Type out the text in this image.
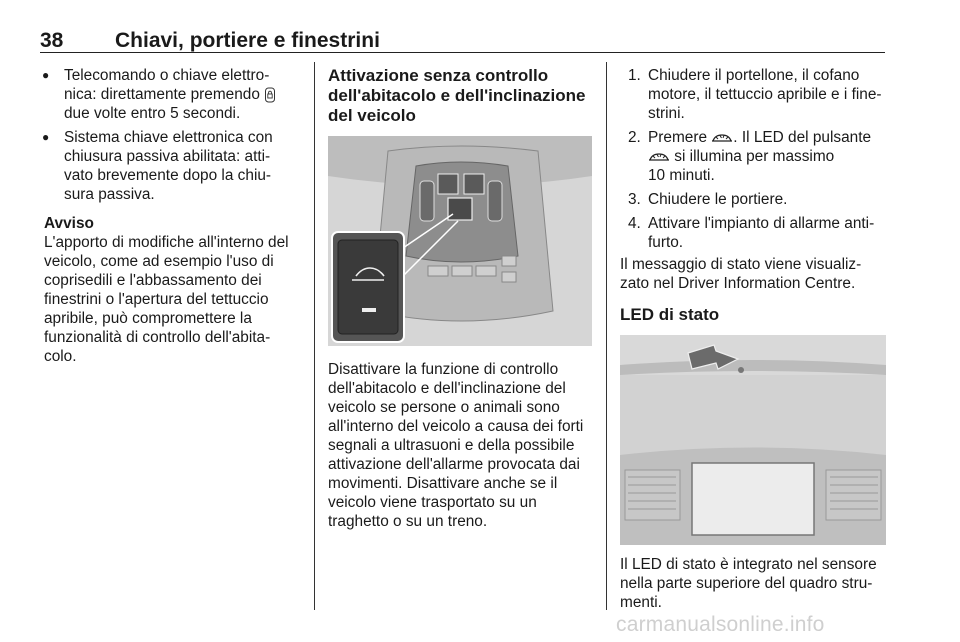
38 Chiavi, portiere e finestrini
● Telecomando o chiave elettro-
nica: direttamente premendo
due volte entro 5 secondi.
● Sistema chiave elettronica con
chiusura passiva abilitata: atti-
vato brevemente dopo la chiu-
sura passiva.
Avviso
L'apporto di modifiche all'interno del
veicolo, come ad esempio l'uso di
coprisedili e l'abbassamento dei
finestrini o l'apertura del tettuccio
apribile, può compromettere la
funzionalità di controllo dell'abita-
colo.
Attivazione senza controllo
dell'abitacolo e dell'inclinazione
del veicolo
Disattivare la funzione di controllo
dell'abitacolo e dell'inclinazione del
veicolo se persone o animali sono
all'interno del veicolo a causa dei forti
segnali a ultrasuoni e della possibile
attivazione dell'allarme provocata dai
movimenti. Disattivare anche se il
veicolo viene trasportato su un
traghetto o su un treno.
1. Chiudere il portellone, il cofano
motore, il tettuccio apribile e i fine-
strini.
2. Premere . Il LED del pulsante
si illumina per massimo
10 minuti.
3. Chiudere le portiere.
4. Attivare l'impianto di allarme anti-
furto.
Il messaggio di stato viene visualiz-
zato nel Driver Information Centre.
LED di stato
Il LED di stato è integrato nel sensore
nella parte superiore del quadro stru-
menti.
carmanualsonline.info
